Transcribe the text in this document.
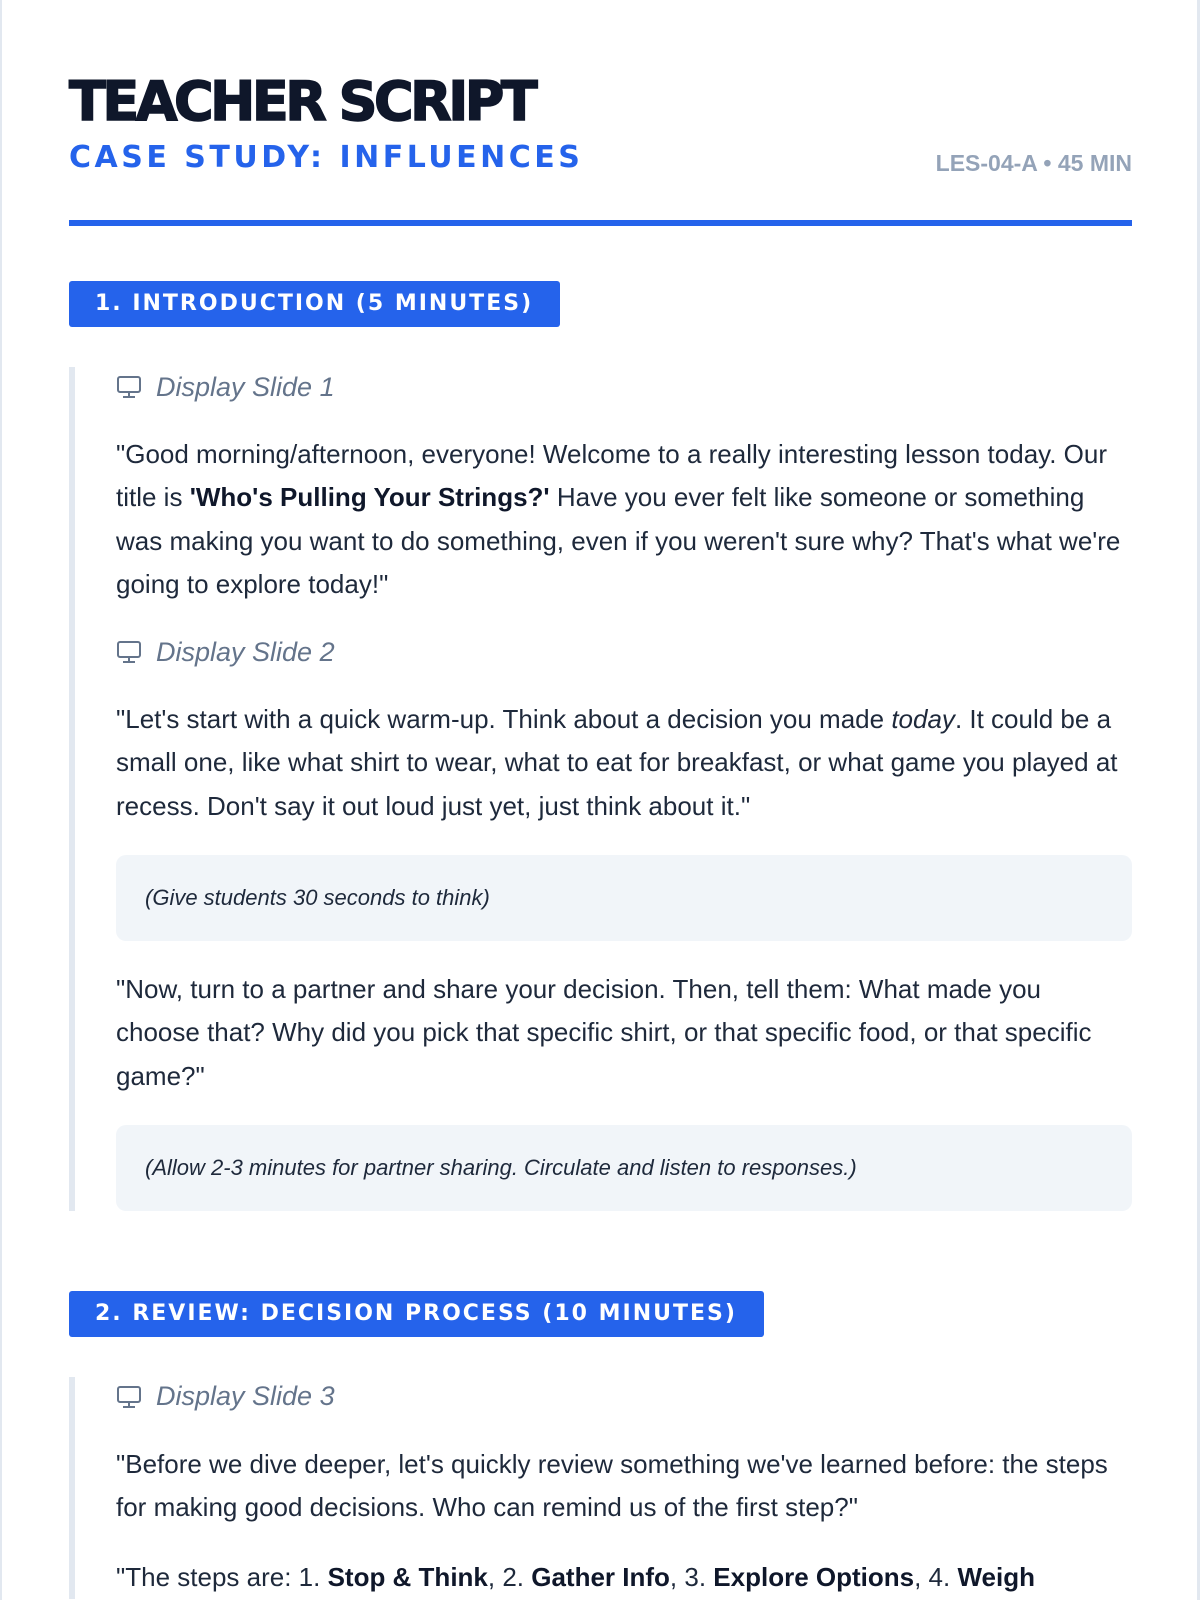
TEACHER SCRIPT
CASE STUDY: INFLUENCES	LES-04-A • 45 MIN
1. INTRODUCTION (5 MINUTES)
Display Slide 1

"Good morning/afternoon, everyone! Welcome to a really interesting lesson today. Our title is 'Who's Pulling Your Strings?' Have you ever felt like someone or something was making you want to do something, even if you weren't sure why? That's what we're going to explore today!"

Display Slide 2

"Let's start with a quick warm-up. Think about a decision you made today. It could be a small one, like what shirt to wear, what to eat for breakfast, or what game you played at recess. Don't say it out loud just yet, just think about it."

(Give students 30 seconds to think)

"Now, turn to a partner and share your decision. Then, tell them: What made you choose that? Why did you pick that specific shirt, or that specific food, or that specific game?"

(Allow 2-3 minutes for partner sharing. Circulate and listen to responses.)
2. REVIEW: DECISION PROCESS (10 MINUTES)
Display Slide 3

"Before we dive deeper, let's quickly review something we've learned before: the steps for making good decisions. Who can remind us of the first step?"

"The steps are: 1. Stop & Think, 2. Gather Info, 3. Explore Options, 4. Weigh
